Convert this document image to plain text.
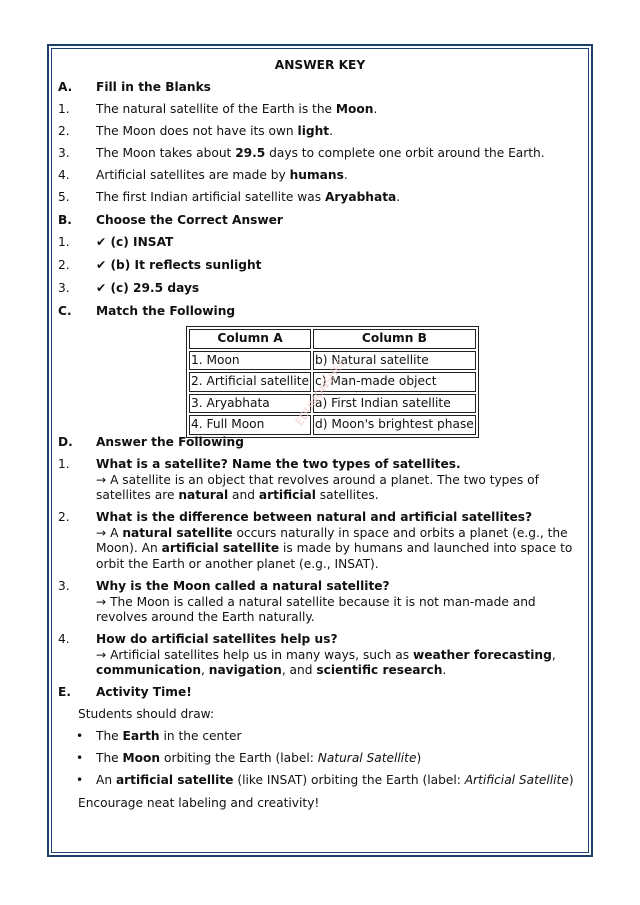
ANSWER KEY
A. Fill in the Blanks
1. The natural satellite of the Earth is the Moon.
2. The Moon does not have its own light.
3. The Moon takes about 29.5 days to complete one orbit around the Earth.
4. Artificial satellites are made by humans.
5. The first Indian artificial satellite was Aryabhata.
B. Choose the Correct Answer
1. ✔ (c) INSAT
2. ✔ (b) It reflects sunlight
3. ✔ (c) 29.5 days
C. Match the Following
Column A	Column B
1. Moon	b) Natural satellite
2. Artificial satellite	c) Man-made object
3. Aryabhata	a) First Indian satellite
4. Full Moon	d) Moon's brightest phase
D. Answer the Following
1. What is a satellite? Name the two types of satellites.
→ A satellite is an object that revolves around a planet. The two types of satellites are natural and artificial satellites.
2. What is the difference between natural and artificial satellites?
→ A natural satellite occurs naturally in space and orbits a planet (e.g., the Moon). An artificial satellite is made by humans and launched into space to orbit the Earth or another planet (e.g., INSAT).
3. Why is the Moon called a natural satellite?
→ The Moon is called a natural satellite because it is not man-made and revolves around the Earth naturally.
4. How do artificial satellites help us?
→ Artificial satellites help us in many ways, such as weather forecasting, communication, navigation, and scientific research.
E. Activity Time!
Students should draw:
• The Earth in the center
• The Moon orbiting the Earth (label: Natural Satellite)
• An artificial satellite (like INSAT) orbiting the Earth (label: Artificial Satellite)
Encourage neat labeling and creativity!
EDUMONSHEE
